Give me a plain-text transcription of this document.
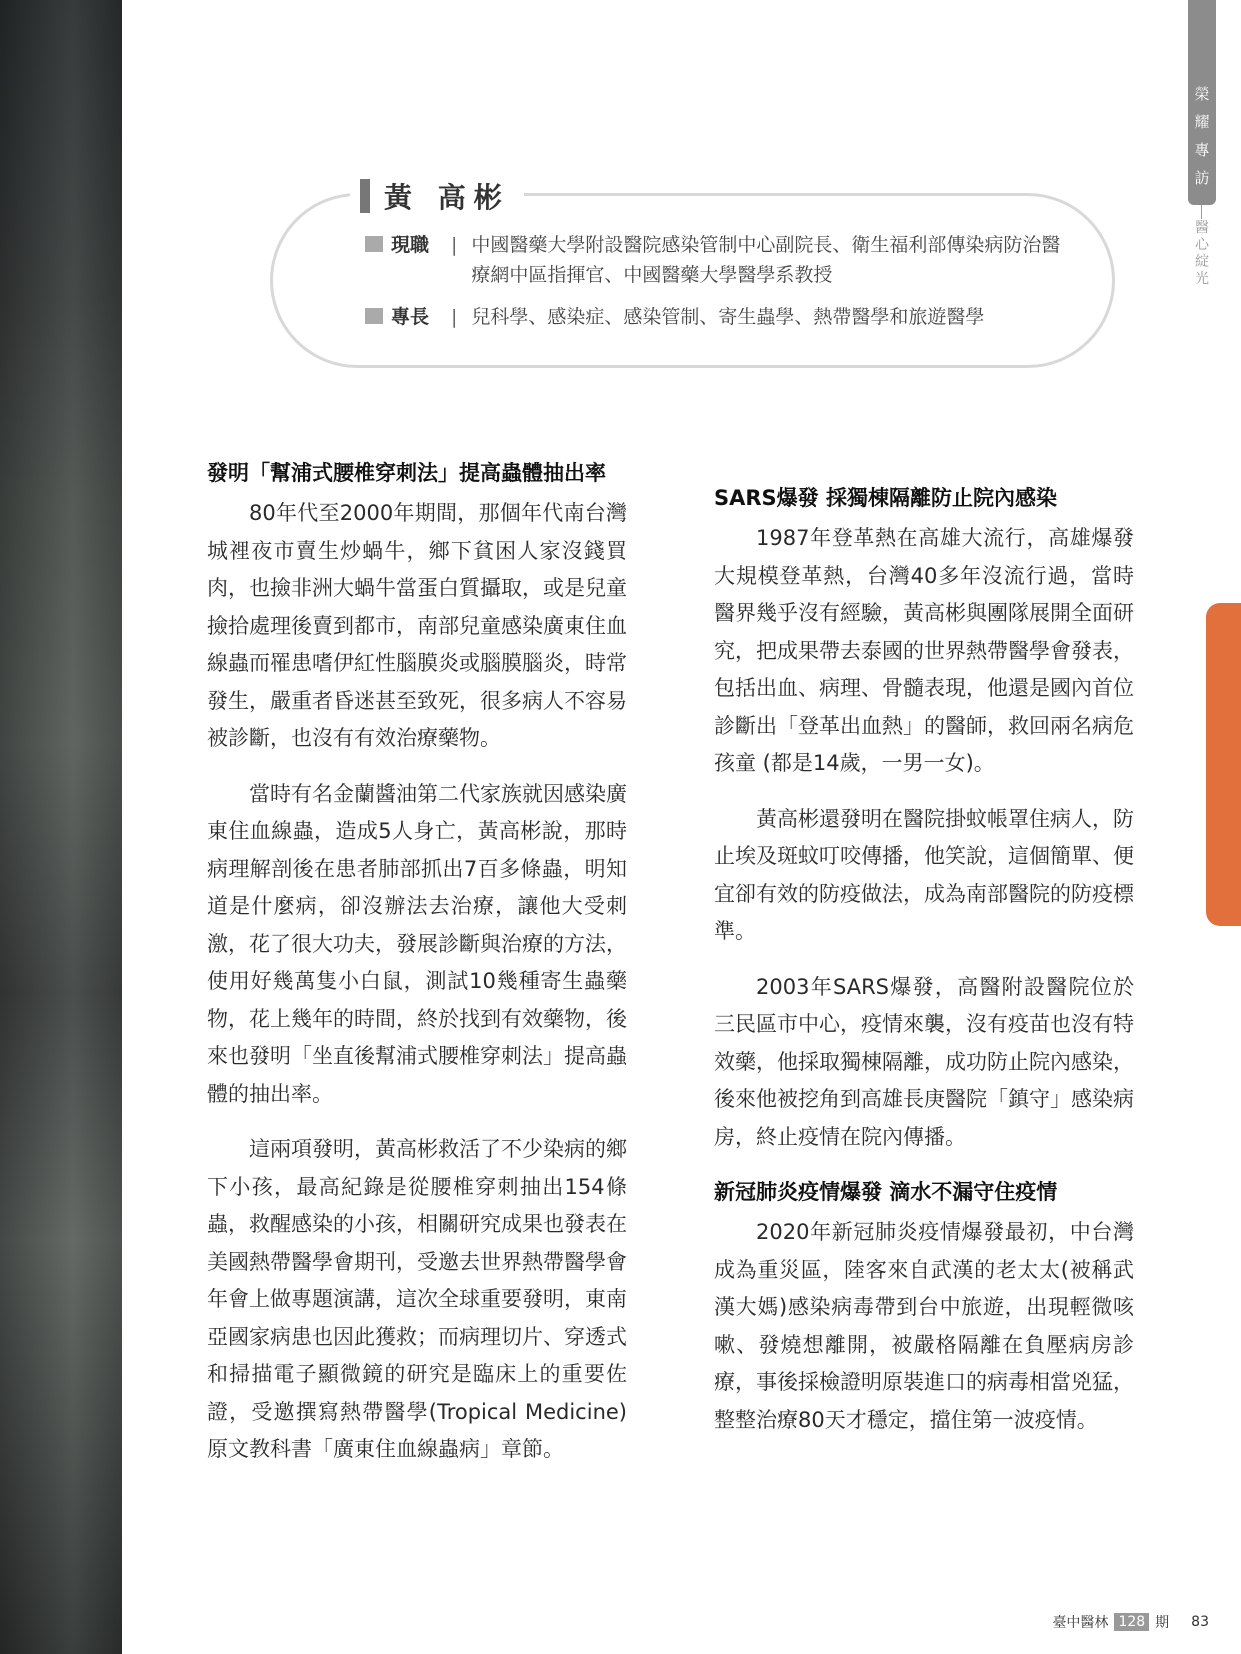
榮 耀 專 訪
醫心綻光
黃 高彬
現職	| 中國醫藥大學附設醫院感染管制中心副院長、衛生福利部傳染病防治醫療網中區指揮官、中國醫藥大學醫學系教授
專長	| 兒科學、感染症、感染管制、寄生蟲學、熱帶醫學和旅遊醫學
發明「幫浦式腰椎穿刺法」提高蟲體抽出率

80年代至2000年期間，那個年代南台灣城裡夜市賣生炒蝸牛，鄉下貧困人家沒錢買肉，也撿非洲大蝸牛當蛋白質攝取，或是兒童撿拾處理後賣到都市，南部兒童感染廣東住血線蟲而罹患嗜伊紅性腦膜炎或腦膜腦炎，時常發生，嚴重者昏迷甚至致死，很多病人不容易被診斷，也沒有有效治療藥物。

當時有名金蘭醬油第二代家族就因感染廣東住血線蟲，造成5人身亡，黃高彬說，那時病理解剖後在患者肺部抓出7百多條蟲，明知道是什麼病，卻沒辦法去治療，讓他大受刺激，花了很大功夫，發展診斷與治療的方法，使用好幾萬隻小白鼠，測試10幾種寄生蟲藥物，花上幾年的時間，終於找到有效藥物，後來也發明「坐直後幫浦式腰椎穿刺法」提高蟲體的抽出率。

這兩項發明，黃高彬救活了不少染病的鄉下小孩，最高紀錄是從腰椎穿刺抽出154條蟲，救醒感染的小孩，相關研究成果也發表在美國熱帶醫學會期刊，受邀去世界熱帶醫學會年會上做專題演講，這次全球重要發明，東南亞國家病患也因此獲救；而病理切片、穿透式和掃描電子顯微鏡的研究是臨床上的重要佐證，受邀撰寫熱帶醫學(Tropical Medicine)原文教科書「廣東住血線蟲病」章節。

SARS爆發 採獨棟隔離防止院內感染

1987年登革熱在高雄大流行，高雄爆發大規模登革熱，台灣40多年沒流行過，當時醫界幾乎沒有經驗，黃高彬與團隊展開全面研究，把成果帶去泰國的世界熱帶醫學會發表，包括出血、病理、骨髓表現，他還是國內首位診斷出「登革出血熱」的醫師，救回兩名病危孩童 (都是14歲，一男一女)。

黃高彬還發明在醫院掛蚊帳罩住病人，防止埃及斑蚊叮咬傳播，他笑說，這個簡單、便宜卻有效的防疫做法，成為南部醫院的防疫標準。

2003年SARS爆發，高醫附設醫院位於三民區市中心，疫情來襲，沒有疫苗也沒有特效藥，他採取獨棟隔離，成功防止院內感染，後來他被挖角到高雄長庚醫院「鎮守」感染病房，終止疫情在院內傳播。

新冠肺炎疫情爆發 滴水不漏守住疫情

2020年新冠肺炎疫情爆發最初，中台灣成為重災區，陸客來自武漢的老太太(被稱武漢大媽)感染病毒帶到台中旅遊，出現輕微咳嗽、發燒想離開，被嚴格隔離在負壓病房診療，事後採檢證明原裝進口的病毒相當兇猛，整整治療80天才穩定，擋住第一波疫情。

臺中醫林 128 期 83
